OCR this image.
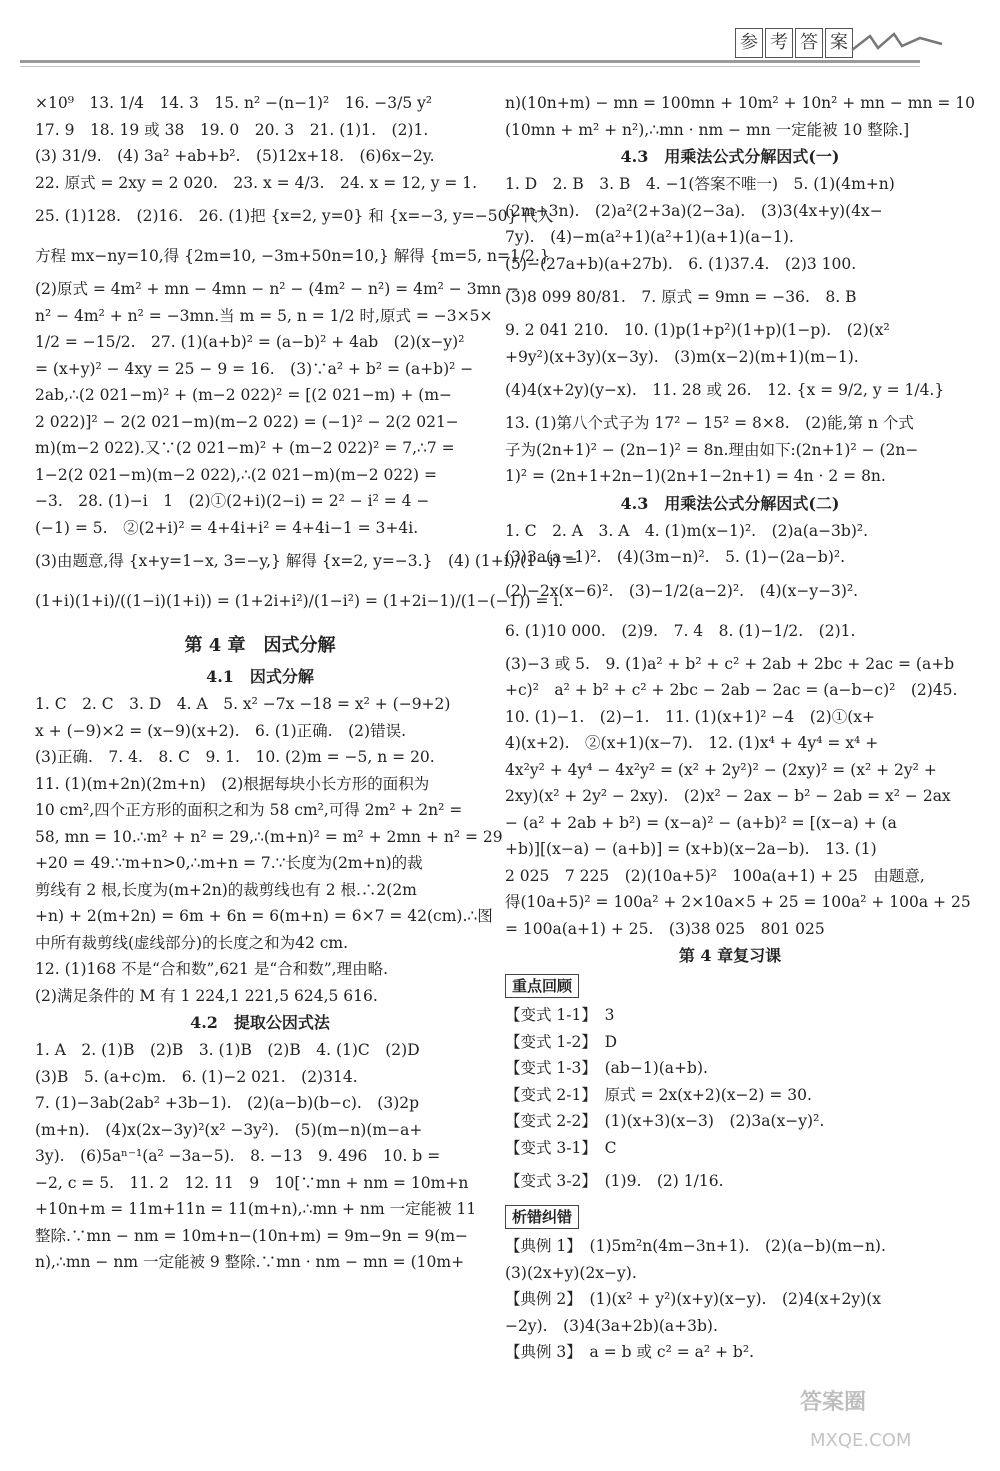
参 考 答 案

×10⁹　13. 1/4　14. 3　15. n² −(n−1)²　16. −3/5 y²

17. 9　18. 19 或 38　19. 0　20. 3　21. (1)1.　(2)1.

(3) 31/9.　(4) 3a² +ab+b².　(5)12x+18.　(6)6x−2y.

22. 原式 = 2xy = 2 020.　23. x = 4/3.　24. x = 12, y = 1.

25. (1)128.　(2)16.　26. (1)把 {x=2, y=0} 和 {x=−3, y=−50} 代入

方程 mx−ny=10,得 {2m=10, −3m+50n=10,} 解得 {m=5, n=1/2.}

(2)原式 = 4m² + mn − 4mn − n² − (4m² − n²) = 4m² − 3mn −

n² − 4m² + n² = −3mn.当 m = 5, n = 1/2 时,原式 = −3×5×

1/2 = −15/2.　27. (1)(a+b)² = (a−b)² + 4ab　(2)(x−y)²

= (x+y)² − 4xy = 25 − 9 = 16.　(3)∵a² + b² = (a+b)² −

2ab,∴(2 021−m)² + (m−2 022)² = [(2 021−m) + (m−

2 022)]² − 2(2 021−m)(m−2 022) = (−1)² − 2(2 021−

m)(m−2 022).又∵(2 021−m)² + (m−2 022)² = 7,∴7 =

1−2(2 021−m)(m−2 022),∴(2 021−m)(m−2 022) =

−3.　28. (1)−i　1　(2)①(2+i)(2−i) = 2² − i² = 4 −

(−1) = 5.　②(2+i)² = 4+4i+i² = 4+4i−1 = 3+4i.

(3)由题意,得 {x+y=1−x, 3=−y,} 解得 {x=2, y=−3.}　(4) (1+i)/(1−i) =

(1+i)(1+i)/((1−i)(1+i)) = (1+2i+i²)/(1−i²) = (1+2i−1)/(1−(−1)) = i.

第 4 章　因式分解
4.1　因式分解

1. C　2. C　3. D　4. A　5. x² −7x −18 = x² + (−9+2)

x + (−9)×2 = (x−9)(x+2).　6. (1)正确.　(2)错误.

(3)正确.　7. 4.　8. C　9. 1.　10. (2)m = −5, n = 20.

11. (1)(m+2n)(2m+n)　(2)根据每块小长方形的面积为

10 cm²,四个正方形的面积之和为 58 cm²,可得 2m² + 2n² =

58, mn = 10.∴m² + n² = 29,∴(m+n)² = m² + 2mn + n² = 29

+20 = 49.∵m+n>0,∴m+n = 7.∵长度为(2m+n)的裁

剪线有 2 根,长度为(m+2n)的裁剪线也有 2 根.∴2(2m

+n) + 2(m+2n) = 6m + 6n = 6(m+n) = 6×7 = 42(cm).∴图

中所有裁剪线(虚线部分)的长度之和为42 cm.

12. (1)168 不是“合和数”,621 是“合和数”,理由略.

(2)满足条件的 M 有 1 224,1 221,5 624,5 616.

4.2　提取公因式法

1. A　2. (1)B　(2)B　3. (1)B　(2)B　4. (1)C　(2)D

(3)B　5. (a+c)m.　6. (1)−2 021.　(2)314.

7. (1)−3ab(2ab² +3b−1).　(2)(a−b)(b−c).　(3)2p

(m+n).　(4)x(2x−3y)²(x² −3y²).　(5)(m−n)(m−a+

3y).　(6)5aⁿ⁻¹(a² −3a−5).　8. −13　9. 496　10. b =

−2, c = 5.　11. 2　12. 11　9　10[∵mn + nm = 10m+n

+10n+m = 11m+11n = 11(m+n),∴mn + nm 一定能被 11

整除.∵mn − nm = 10m+n−(10n+m) = 9m−9n = 9(m−

n),∴mn − nm 一定能被 9 整除.∵mn · nm − mn = (10m+

n)(10n+m) − mn = 100mn + 10m² + 10n² + mn − mn = 10

(10mn + m² + n²),∴mn · nm − mn 一定能被 10 整除.]

4.3　用乘法公式分解因式(一)

1. D　2. B　3. B　4. −1(答案不唯一)　5. (1)(4m+n)

(2m+3n).　(2)a²(2+3a)(2−3a).　(3)3(4x+y)(4x−

7y).　(4)−m(a²+1)(a²+1)(a+1)(a−1).

(5)−(27a+b)(a+27b).　6. (1)37.4.　(2)3 100.

(3)8 099 80/81.　7. 原式 = 9mn = −36.　8. B

9. 2 041 210.　10. (1)p(1+p²)(1+p)(1−p).　(2)(x²

+9y²)(x+3y)(x−3y).　(3)m(x−2)(m+1)(m−1).

(4)4(x+2y)(y−x).　11. 28 或 26.　12. {x = 9/2, y = 1/4.}

13. (1)第八个式子为 17² − 15² = 8×8.　(2)能,第 n 个式

子为(2n+1)² − (2n−1)² = 8n.理由如下:(2n+1)² − (2n−

1)² = (2n+1+2n−1)(2n+1−2n+1) = 4n · 2 = 8n.

4.3　用乘法公式分解因式(二)

1. C　2. A　3. A　4. (1)m(x−1)².　(2)a(a−3b)².

(3)3a(a−1)².　(4)(3m−n)².　5. (1)−(2a−b)².

(2)−2x(x−6)².　(3)−1/2(a−2)².　(4)(x−y−3)².

6. (1)10 000.　(2)9.　7. 4　8. (1)−1/2.　(2)1.

(3)−3 或 5.　9. (1)a² + b² + c² + 2ab + 2bc + 2ac = (a+b

+c)²　a² + b² + c² + 2bc − 2ab − 2ac = (a−b−c)²　(2)45.

10. (1)−1.　(2)−1.　11. (1)(x+1)² −4　(2)①(x+

4)(x+2).　②(x+1)(x−7).　12. (1)x⁴ + 4y⁴ = x⁴ +

4x²y² + 4y⁴ − 4x²y² = (x² + 2y²)² − (2xy)² = (x² + 2y² +

2xy)(x² + 2y² − 2xy).　(2)x² − 2ax − b² − 2ab = x² − 2ax

− (a² + 2ab + b²) = (x−a)² − (a+b)² = [(x−a) + (a

+b)][(x−a) − (a+b)] = (x+b)(x−2a−b).　13. (1)

2 025　7 225　(2)(10a+5)²　100a(a+1) + 25　由题意,

得(10a+5)² = 100a² + 2×10a×5 + 25 = 100a² + 100a + 25

= 100a(a+1) + 25.　(3)38 025　801 025

第 4 章复习课
重点回顾

【变式 1-1】　3

【变式 1-2】　D

【变式 1-3】　(ab−1)(a+b).

【变式 2-1】　原式 = 2x(x+2)(x−2) = 30.

【变式 2-2】　(1)(x+3)(x−3)　(2)3a(x−y)².

【变式 3-1】　C

【变式 3-2】　(1)9.　(2) 1/16.

析错纠错

【典例 1】　(1)5m²n(4m−3n+1).　(2)(a−b)(m−n).

(3)(2x+y)(2x−y).

【典例 2】　(1)(x² + y²)(x+y)(x−y).　(2)4(x+2y)(x

−2y).　(3)4(3a+2b)(a+3b).

【典例 3】　a = b 或 c² = a² + b².

答案圈
MXQE.COM
